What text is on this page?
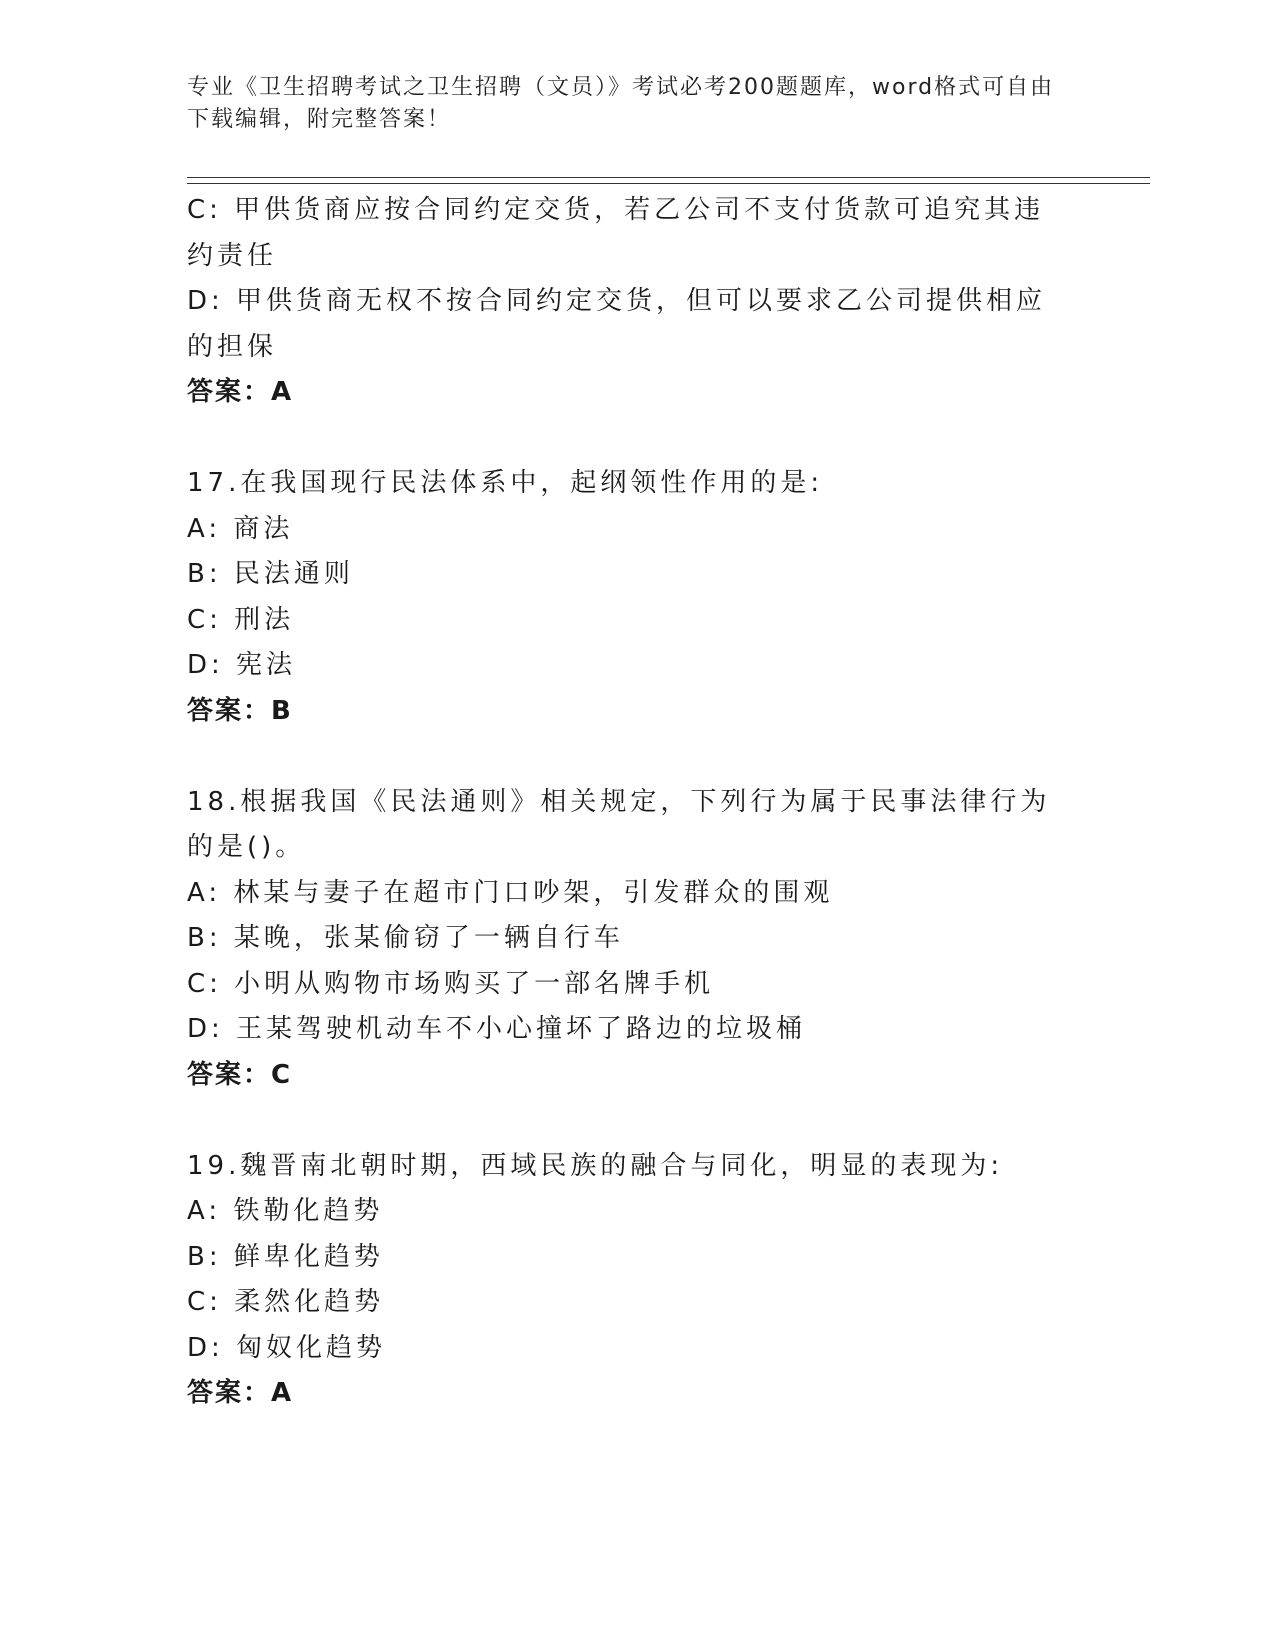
专业《卫生招聘考试之卫生招聘（文员）》考试必考200题题库，word格式可自由下载编辑，附完整答案！
C: 甲供货商应按合同约定交货，若乙公司不支付货款可追究其违约责任
D: 甲供货商无权不按合同约定交货，但可以要求乙公司提供相应的担保
答案：A
17.在我国现行民法体系中，起纲领性作用的是:
A: 商法
B: 民法通则
C: 刑法
D: 宪法
答案：B
18.根据我国《民法通则》相关规定，下列行为属于民事法律行为的是()。
A: 林某与妻子在超市门口吵架，引发群众的围观
B: 某晚，张某偷窃了一辆自行车
C: 小明从购物市场购买了一部名牌手机
D: 王某驾驶机动车不小心撞坏了路边的垃圾桶
答案：C
19.魏晋南北朝时期，西域民族的融合与同化，明显的表现为:
A: 铁勒化趋势
B: 鲜卑化趋势
C: 柔然化趋势
D: 匈奴化趋势
答案：A
